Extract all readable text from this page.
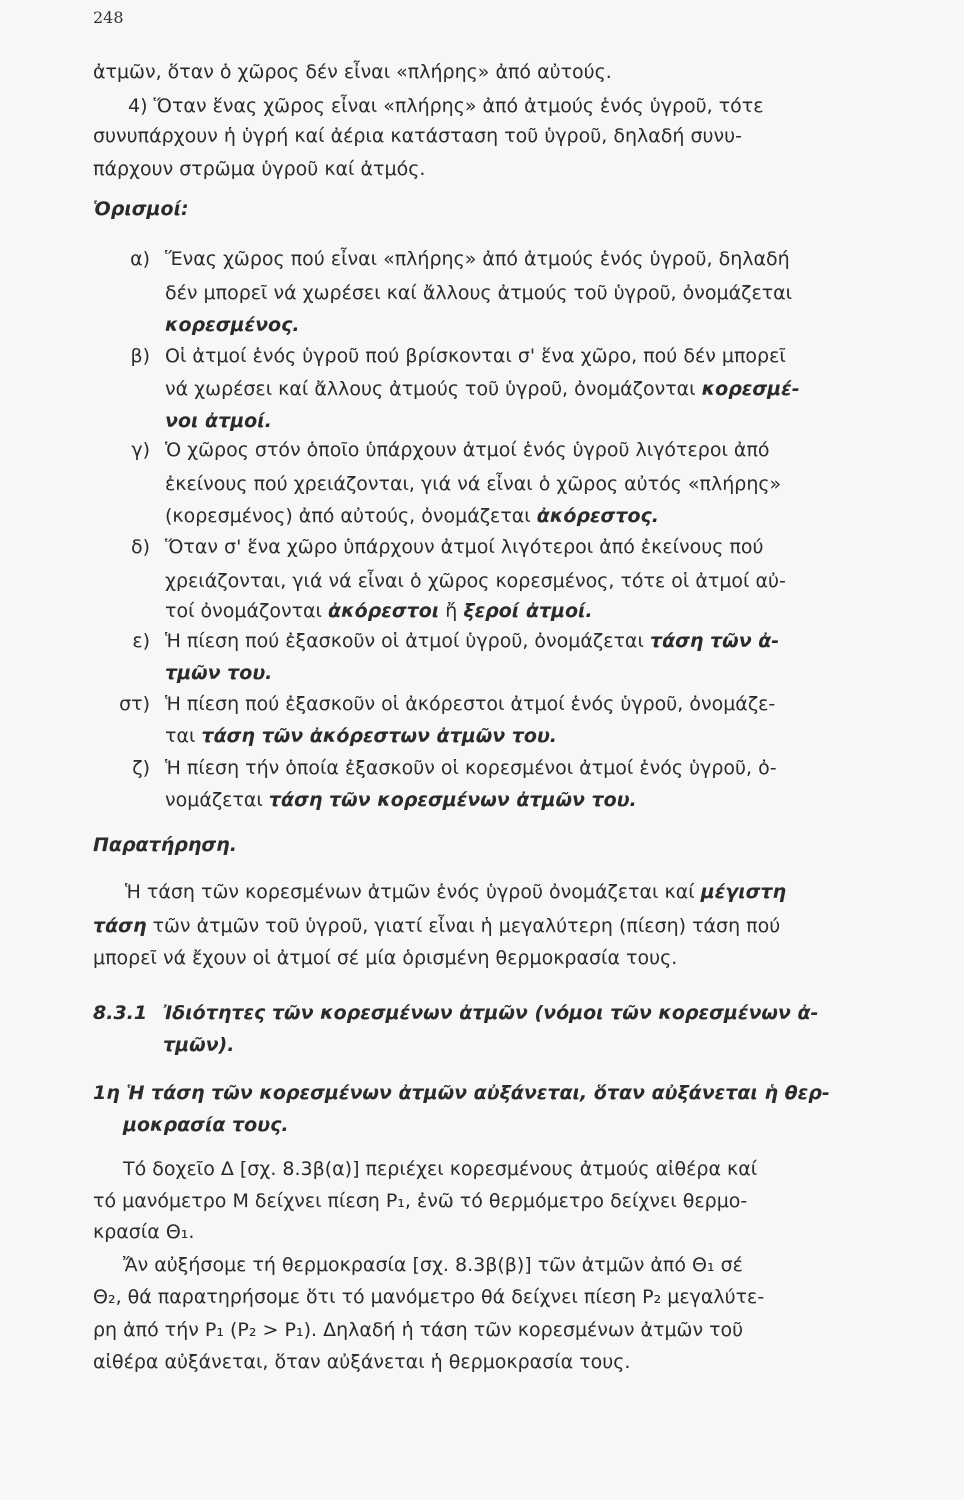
248
ἀτμῶν, ὅταν ὁ χῶρος δέν εἶναι «πλήρης» ἀπό αὐτούς.
4) Ὅταν ἕνας χῶρος εἶναι «πλήρης» ἀπό ἀτμούς ἑνός ὑγροῦ, τότε
συνυπάρχουν ἡ ὑγρή καί ἀέρια κατάσταση τοῦ ὑγροῦ, δηλαδή συνυ-
πάρχουν στρῶμα ὑγροῦ καί ἀτμός.
Ὁρισμοί:
α) Ἕνας χῶρος πού εἶναι «πλήρης» ἀπό ἀτμούς ἑνός ὑγροῦ, δηλαδή
δέν μπορεῖ νά χωρέσει καί ἄλλους ἀτμούς τοῦ ὑγροῦ, ὀνομάζεται
κορεσμένος.
β) Οἱ ἀτμοί ἑνός ὑγροῦ πού βρίσκονται σ' ἕνα χῶρο, πού δέν μπορεῖ
νά χωρέσει καί ἄλλους ἀτμούς τοῦ ὑγροῦ, ὀνομάζονται κορεσμέ-
νοι ἀτμοί.
γ) Ὁ χῶρος στόν ὁποῖο ὑπάρχουν ἀτμοί ἑνός ὑγροῦ λιγότεροι ἀπό
ἐκείνους πού χρειάζονται, γιά νά εἶναι ὁ χῶρος αὐτός «πλήρης»
(κορεσμένος) ἀπό αὐτούς, ὀνομάζεται ἀκόρεστος.
δ) Ὅταν σ' ἕνα χῶρο ὑπάρχουν ἀτμοί λιγότεροι ἀπό ἐκείνους πού
χρειάζονται, γιά νά εἶναι ὁ χῶρος κορεσμένος, τότε οἱ ἀτμοί αὐ-
τοί ὀνομάζονται ἀκόρεστοι ἤ ξεροί ἀτμοί.
ε) Ἡ πίεση πού ἐξασκοῦν οἱ ἀτμοί ὑγροῦ, ὀνομάζεται τάση τῶν ἀ-
τμῶν του.
στ) Ἡ πίεση πού ἐξασκοῦν οἱ ἀκόρεστοι ἀτμοί ἑνός ὑγροῦ, ὀνομάζε-
ται τάση τῶν ἀκόρεστων ἀτμῶν του.
ζ) Ἡ πίεση τήν ὁποία ἐξασκοῦν οἱ κορεσμένοι ἀτμοί ἑνός ὑγροῦ, ὀ-
νομάζεται τάση τῶν κορεσμένων ἀτμῶν του.
Παρατήρηση.
Ἡ τάση τῶν κορεσμένων ἀτμῶν ἑνός ὑγροῦ ὀνομάζεται καί μέγιστη
τάση τῶν ἀτμῶν τοῦ ὑγροῦ, γιατί εἶναι ἡ μεγαλύτερη (πίεση) τάση πού
μπορεῖ νά ἔχουν οἱ ἀτμοί σέ μία ὁρισμένη θερμοκρασία τους.
8.3.1 Ἰδιότητες τῶν κορεσμένων ἀτμῶν (νόμοι τῶν κορεσμένων ἀ-
τμῶν).
1η Ἡ τάση τῶν κορεσμένων ἀτμῶν αὐξάνεται, ὅταν αὐξάνεται ἡ θερ-
μοκρασία τους.
Τό δοχεῖο Δ [σχ. 8.3β(α)] περιέχει κορεσμένους ἀτμούς αἰθέρα καί
τό μανόμετρο Μ δείχνει πίεση P₁, ἐνῶ τό θερμόμετρο δείχνει θερμο-
κρασία Θ₁.
Ἄν αὐξήσομε τή θερμοκρασία [σχ. 8.3β(β)] τῶν ἀτμῶν ἀπό Θ₁ σέ
Θ₂, θά παρατηρήσομε ὅτι τό μανόμετρο θά δείχνει πίεση P₂ μεγαλύτε-
ρη ἀπό τήν P₁ (P₂ > P₁). Δηλαδή ἡ τάση τῶν κορεσμένων ἀτμῶν τοῦ
αἰθέρα αὐξάνεται, ὅταν αὐξάνεται ἡ θερμοκρασία τους.
